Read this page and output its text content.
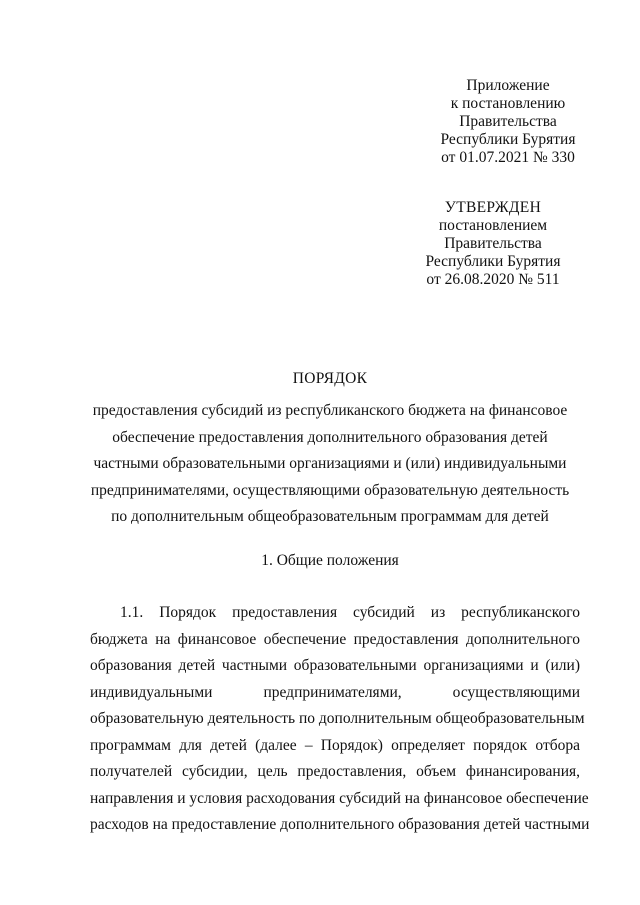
Приложение
к постановлению
Правительства
Республики Бурятия
от 01.07.2021 № 330
УТВЕРЖДЕН
постановлением
Правительства
Республики Бурятия
от 26.08.2020 № 511
ПОРЯДОК
предоставления субсидий из республиканского бюджета на финансовое
обеспечение предоставления дополнительного образования детей
частными образовательными организациями и (или) индивидуальными
предпринимателями, осуществляющими образовательную деятельность
по дополнительным общеобразовательным программам для детей
1. Общие положения
1.1. Порядок предоставления субсидий из республиканского
бюджета на финансовое обеспечение предоставления дополнительного
образования детей частными образовательными организациями и (или)
индивидуальными предпринимателями, осуществляющими
образовательную деятельность по дополнительным общеобразовательным
программам для детей (далее – Порядок) определяет порядок отбора
получателей субсидии, цель предоставления, объем финансирования,
направления и условия расходования субсидий на финансовое обеспечение
расходов на предоставление дополнительного образования детей частными
